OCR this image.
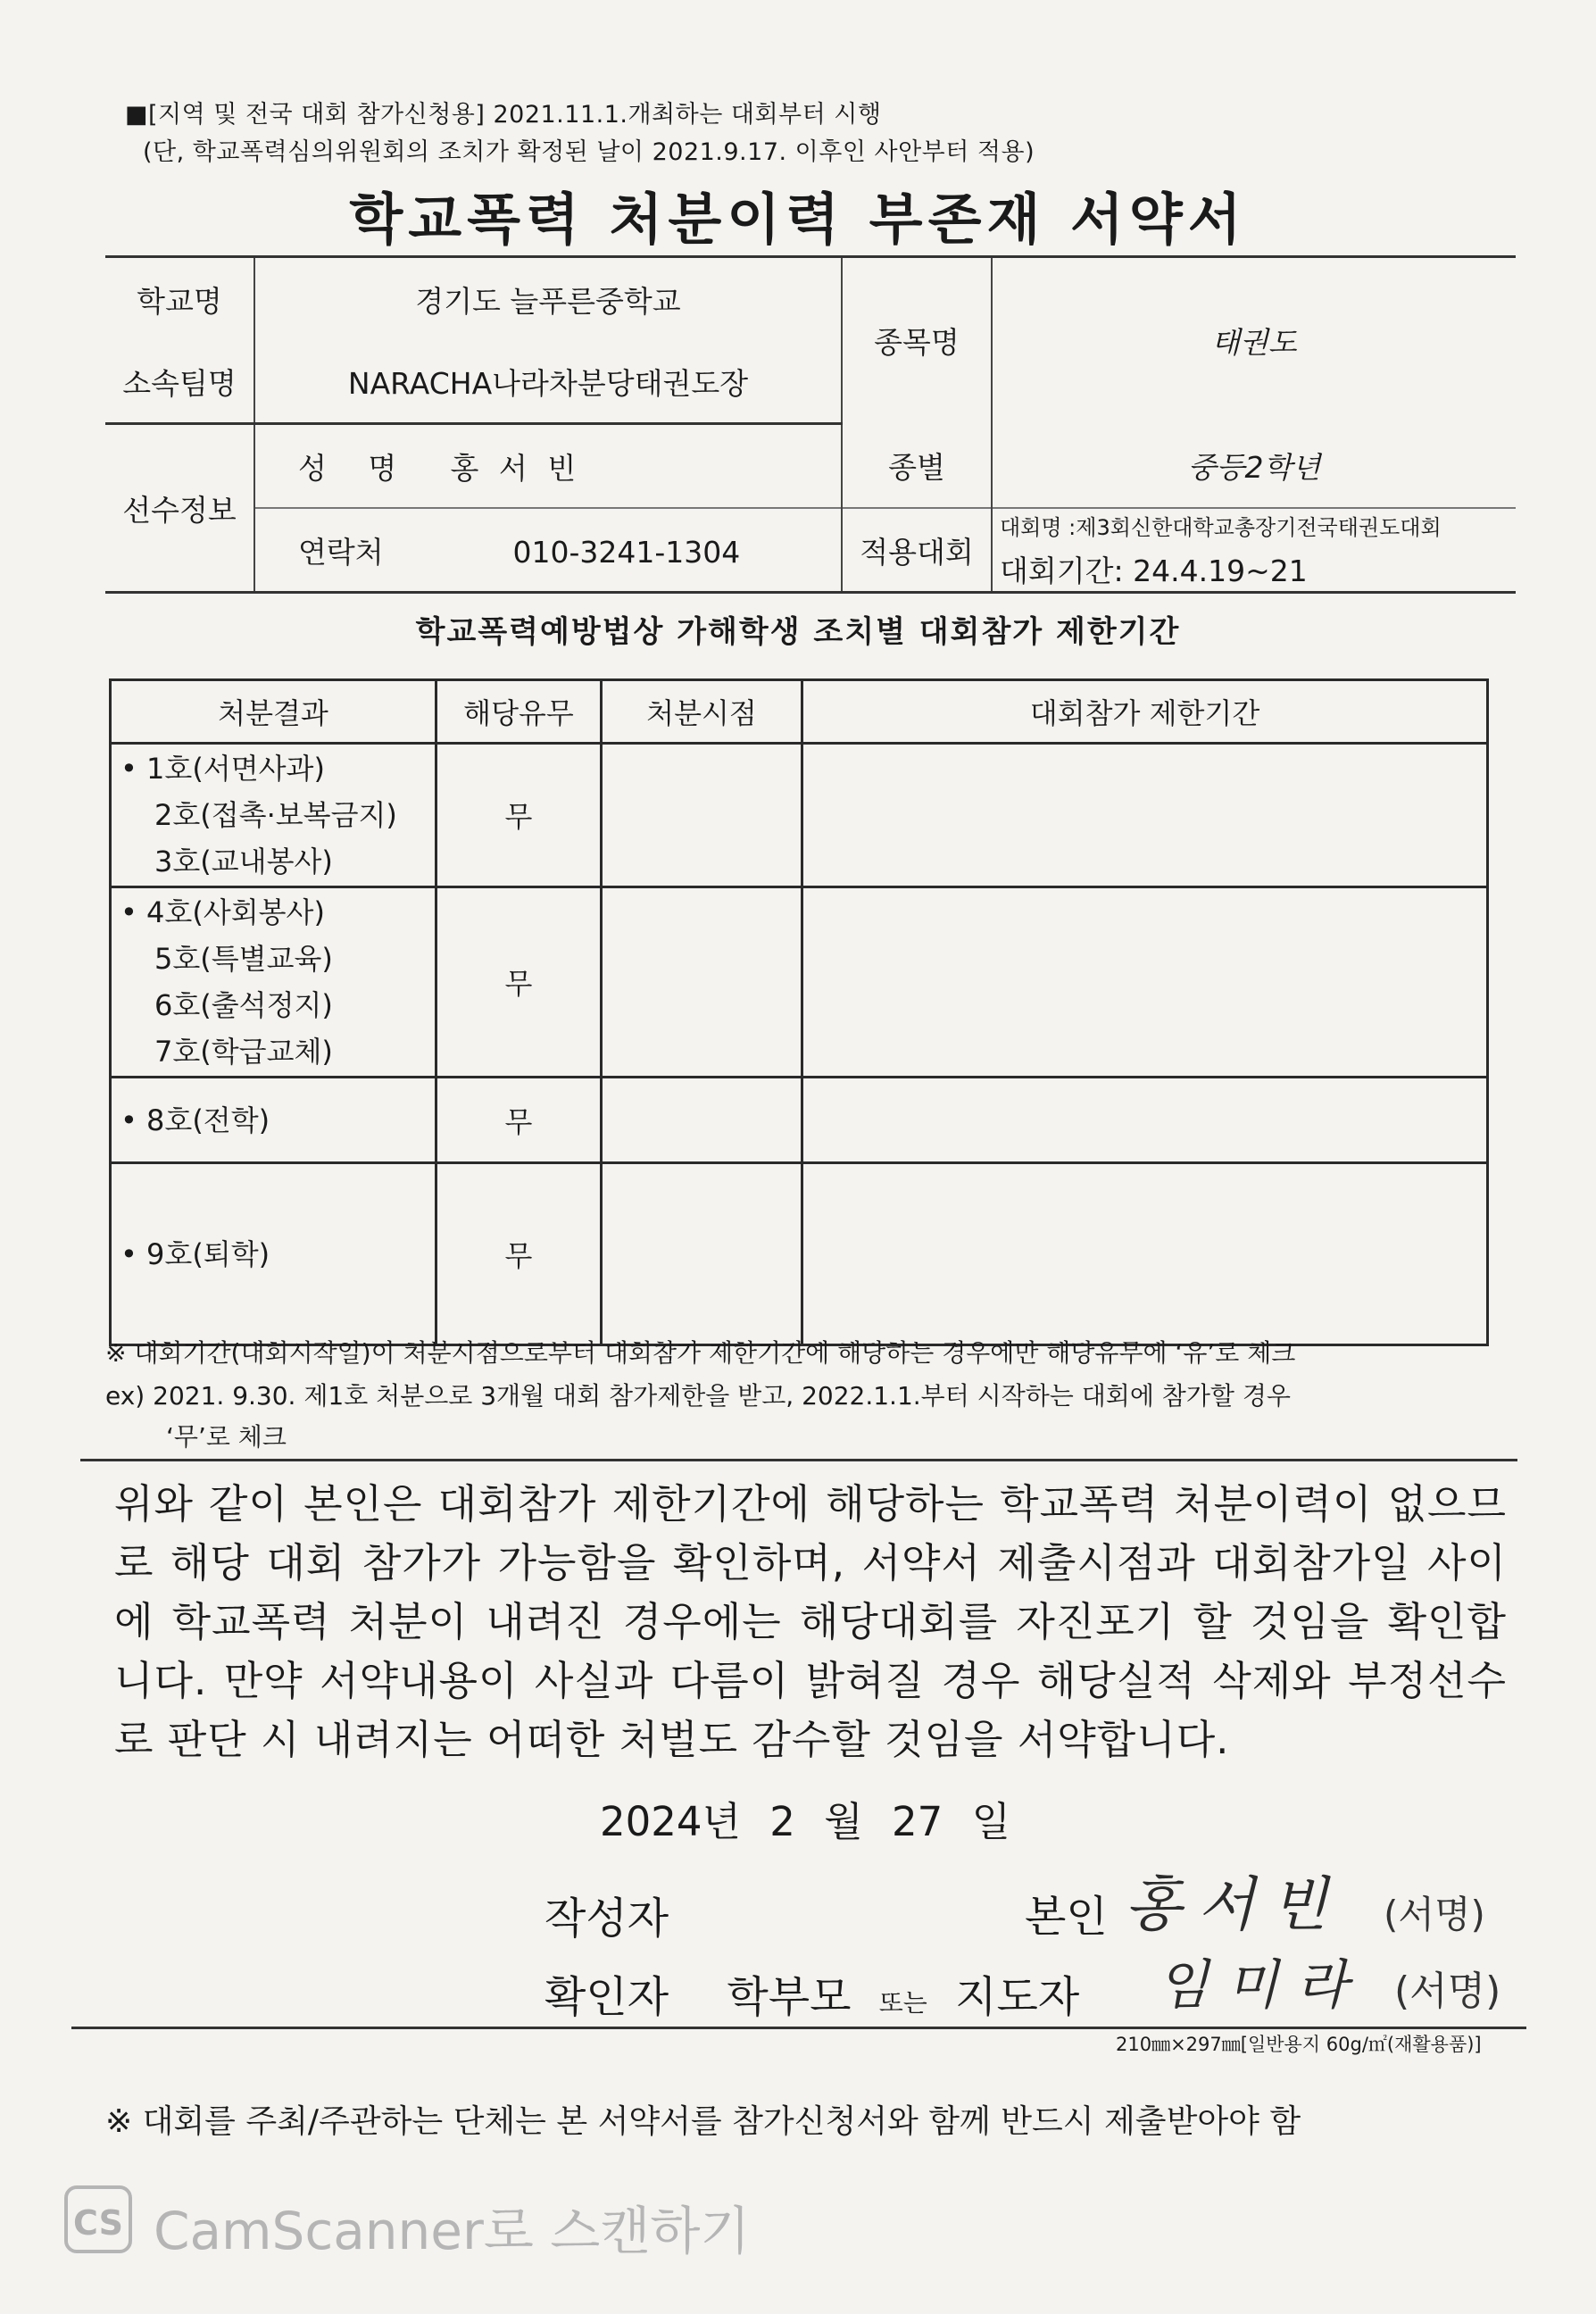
■[지역 및 전국 대회 참가신청용] 2021.11.1.개최하는 대회부터 시행
(단, 학교폭력심의위원회의 조치가 확정된 날이 2021.9.17. 이후인 사안부터 적용)
학교폭력 처분이력 부존재 서약서
학교명	경기도 늘푸른중학교	종목명	태권도
소속팀명	NARACHA나라차분당태권도장		
선수정보	성 명 홍 서 빈	종별	중등2학년
	연락처 010-3241-1304	적용대회	대회명 :제3회신한대학교총장기전국태권도대회
대회기간: 24.4.19~21
학교폭력예방법상 가해학생 조치별 대회참가 제한기간
처분결과	해당유무	처분시점	대회참가 제한기간

• 1호(서면사과)
2호(접촉·보복금지)
3호(교내봉사)	무		

• 4호(사회봉사)
5호(특별교육)
6호(출석정지)
7호(학급교체)	무		

• 8호(전학)	무		

• 9호(퇴학)	무		
※ 대회기간(대회시작일)이 처분시점으로부터 대회참가 제한기간에 해당하는 경우에만 해당유무에 ‘유’로 체크
ex) 2021. 9.30. 제1호 처분으로 3개월 대회 참가제한을 받고, 2022.1.1.부터 시작하는 대회에 참가할 경우
‘무’로 체크
위와 같이 본인은 대회참가 제한기간에 해당하는 학교폭력 처분이력이 없으므로 해당 대회 참가가 가능함을 확인하며, 서약서 제출시점과 대회참가일 사이에 학교폭력 처분이 내려진 경우에는 해당대회를 자진포기 할 것임을 확인합니다. 만약 서약내용이 사실과 다름이 밝혀질 경우 해당실적 삭제와 부정선수로 판단 시 내려지는 어떠한 처벌도 감수할 것임을 서약합니다.
2024년 2 월 27 일
작성자	본인 홍서빈 (서명)
확인자 학부모 또는 지도자 임미라 (서명)
210㎜×297㎜[일반용지 60g/㎡(재활용품)]
※ 대회를 주최/주관하는 단체는 본 서약서를 참가신청서와 함께 반드시 제출받아야 함
CS CamScanner로 스캔하기
